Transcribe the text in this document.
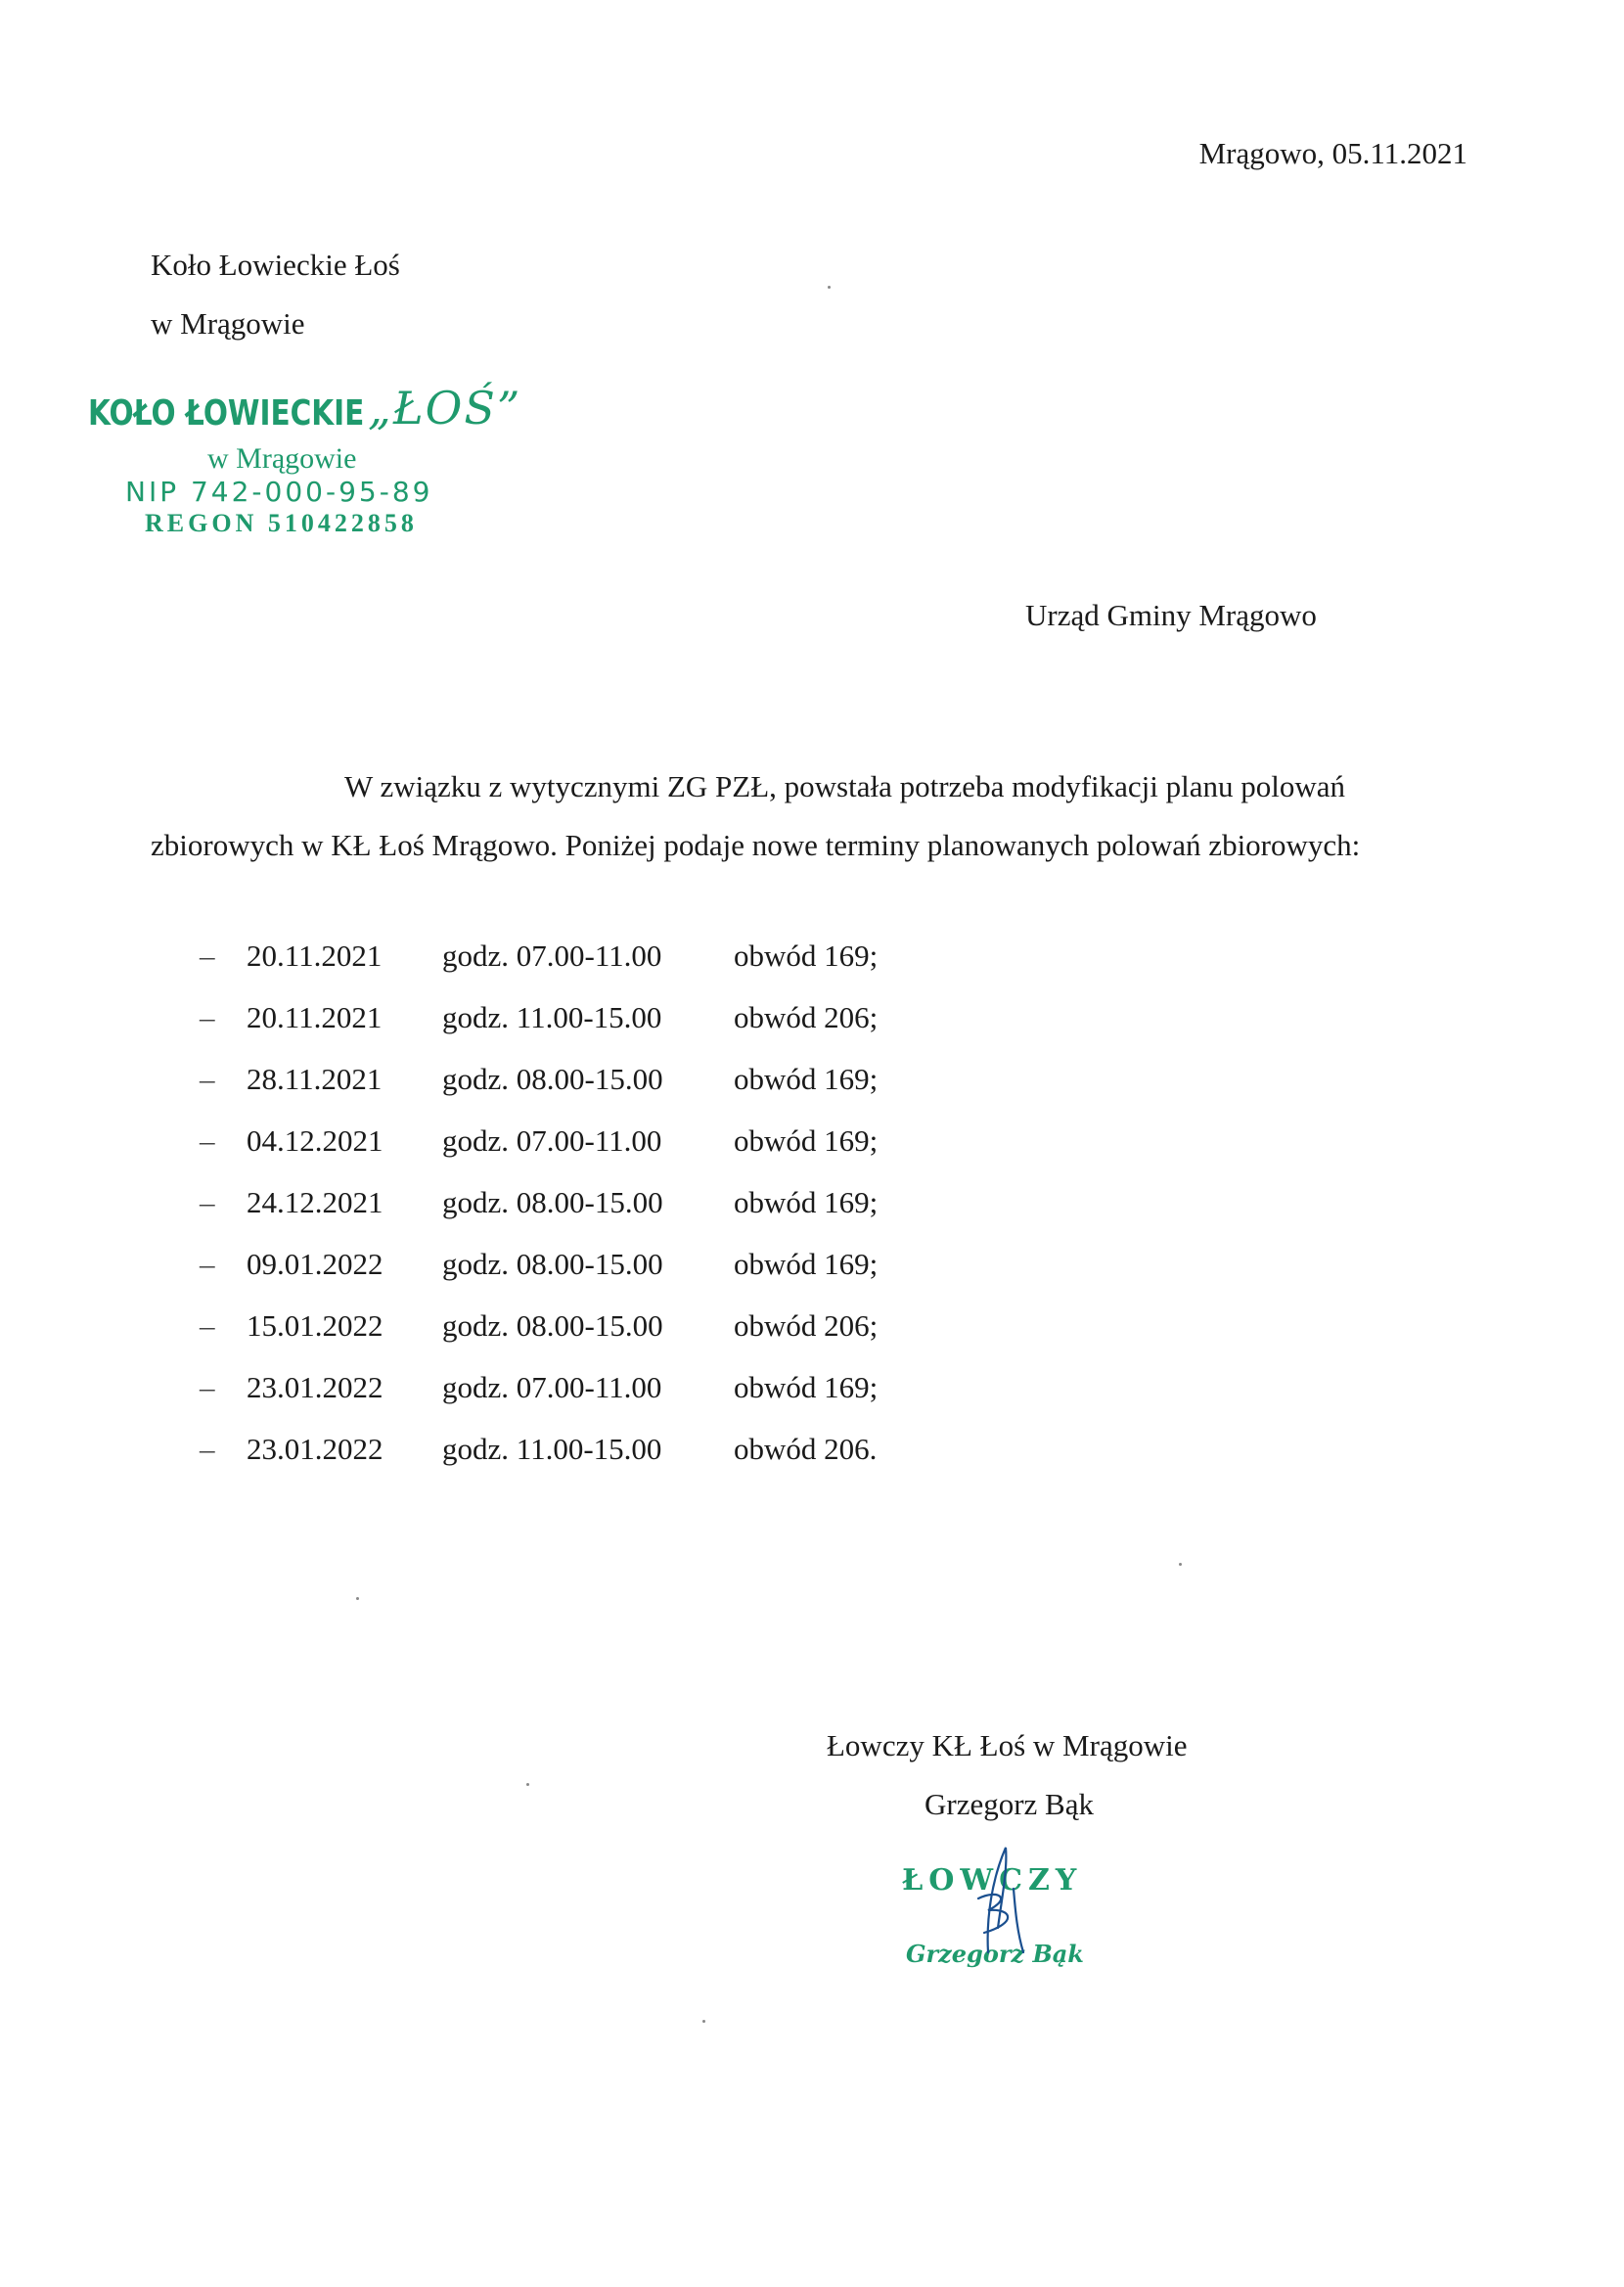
Mrągowo, 05.11.2021
Koło Łowieckie Łoś
w Mrągowie
KOŁO ŁOWIECKIE „ŁOŚ”
w Mrągowie
NIP 742-000-95-89
REGON 510422858
Urząd Gminy Mrągowo
W związku z wytycznymi ZG PZŁ, powstała potrzeba modyfikacji planu polowań
zbiorowych w KŁ Łoś Mrągowo. Poniżej podaje nowe terminy planowanych polowań zbiorowych:
– 20.11.2021 godz. 07.00-11.00 obwód 169;
– 20.11.2021 godz. 11.00-15.00 obwód 206;
– 28.11.2021 godz. 08.00-15.00 obwód 169;
– 04.12.2021 godz. 07.00-11.00 obwód 169;
– 24.12.2021 godz. 08.00-15.00 obwód 169;
– 09.01.2022 godz. 08.00-15.00 obwód 169;
– 15.01.2022 godz. 08.00-15.00 obwód 206;
– 23.01.2022 godz. 07.00-11.00 obwód 169;
– 23.01.2022 godz. 11.00-15.00 obwód 206.
Łowczy KŁ Łoś w Mrągowie
Grzegorz Bąk
ŁOWCZY
Grzegorz Bąk
